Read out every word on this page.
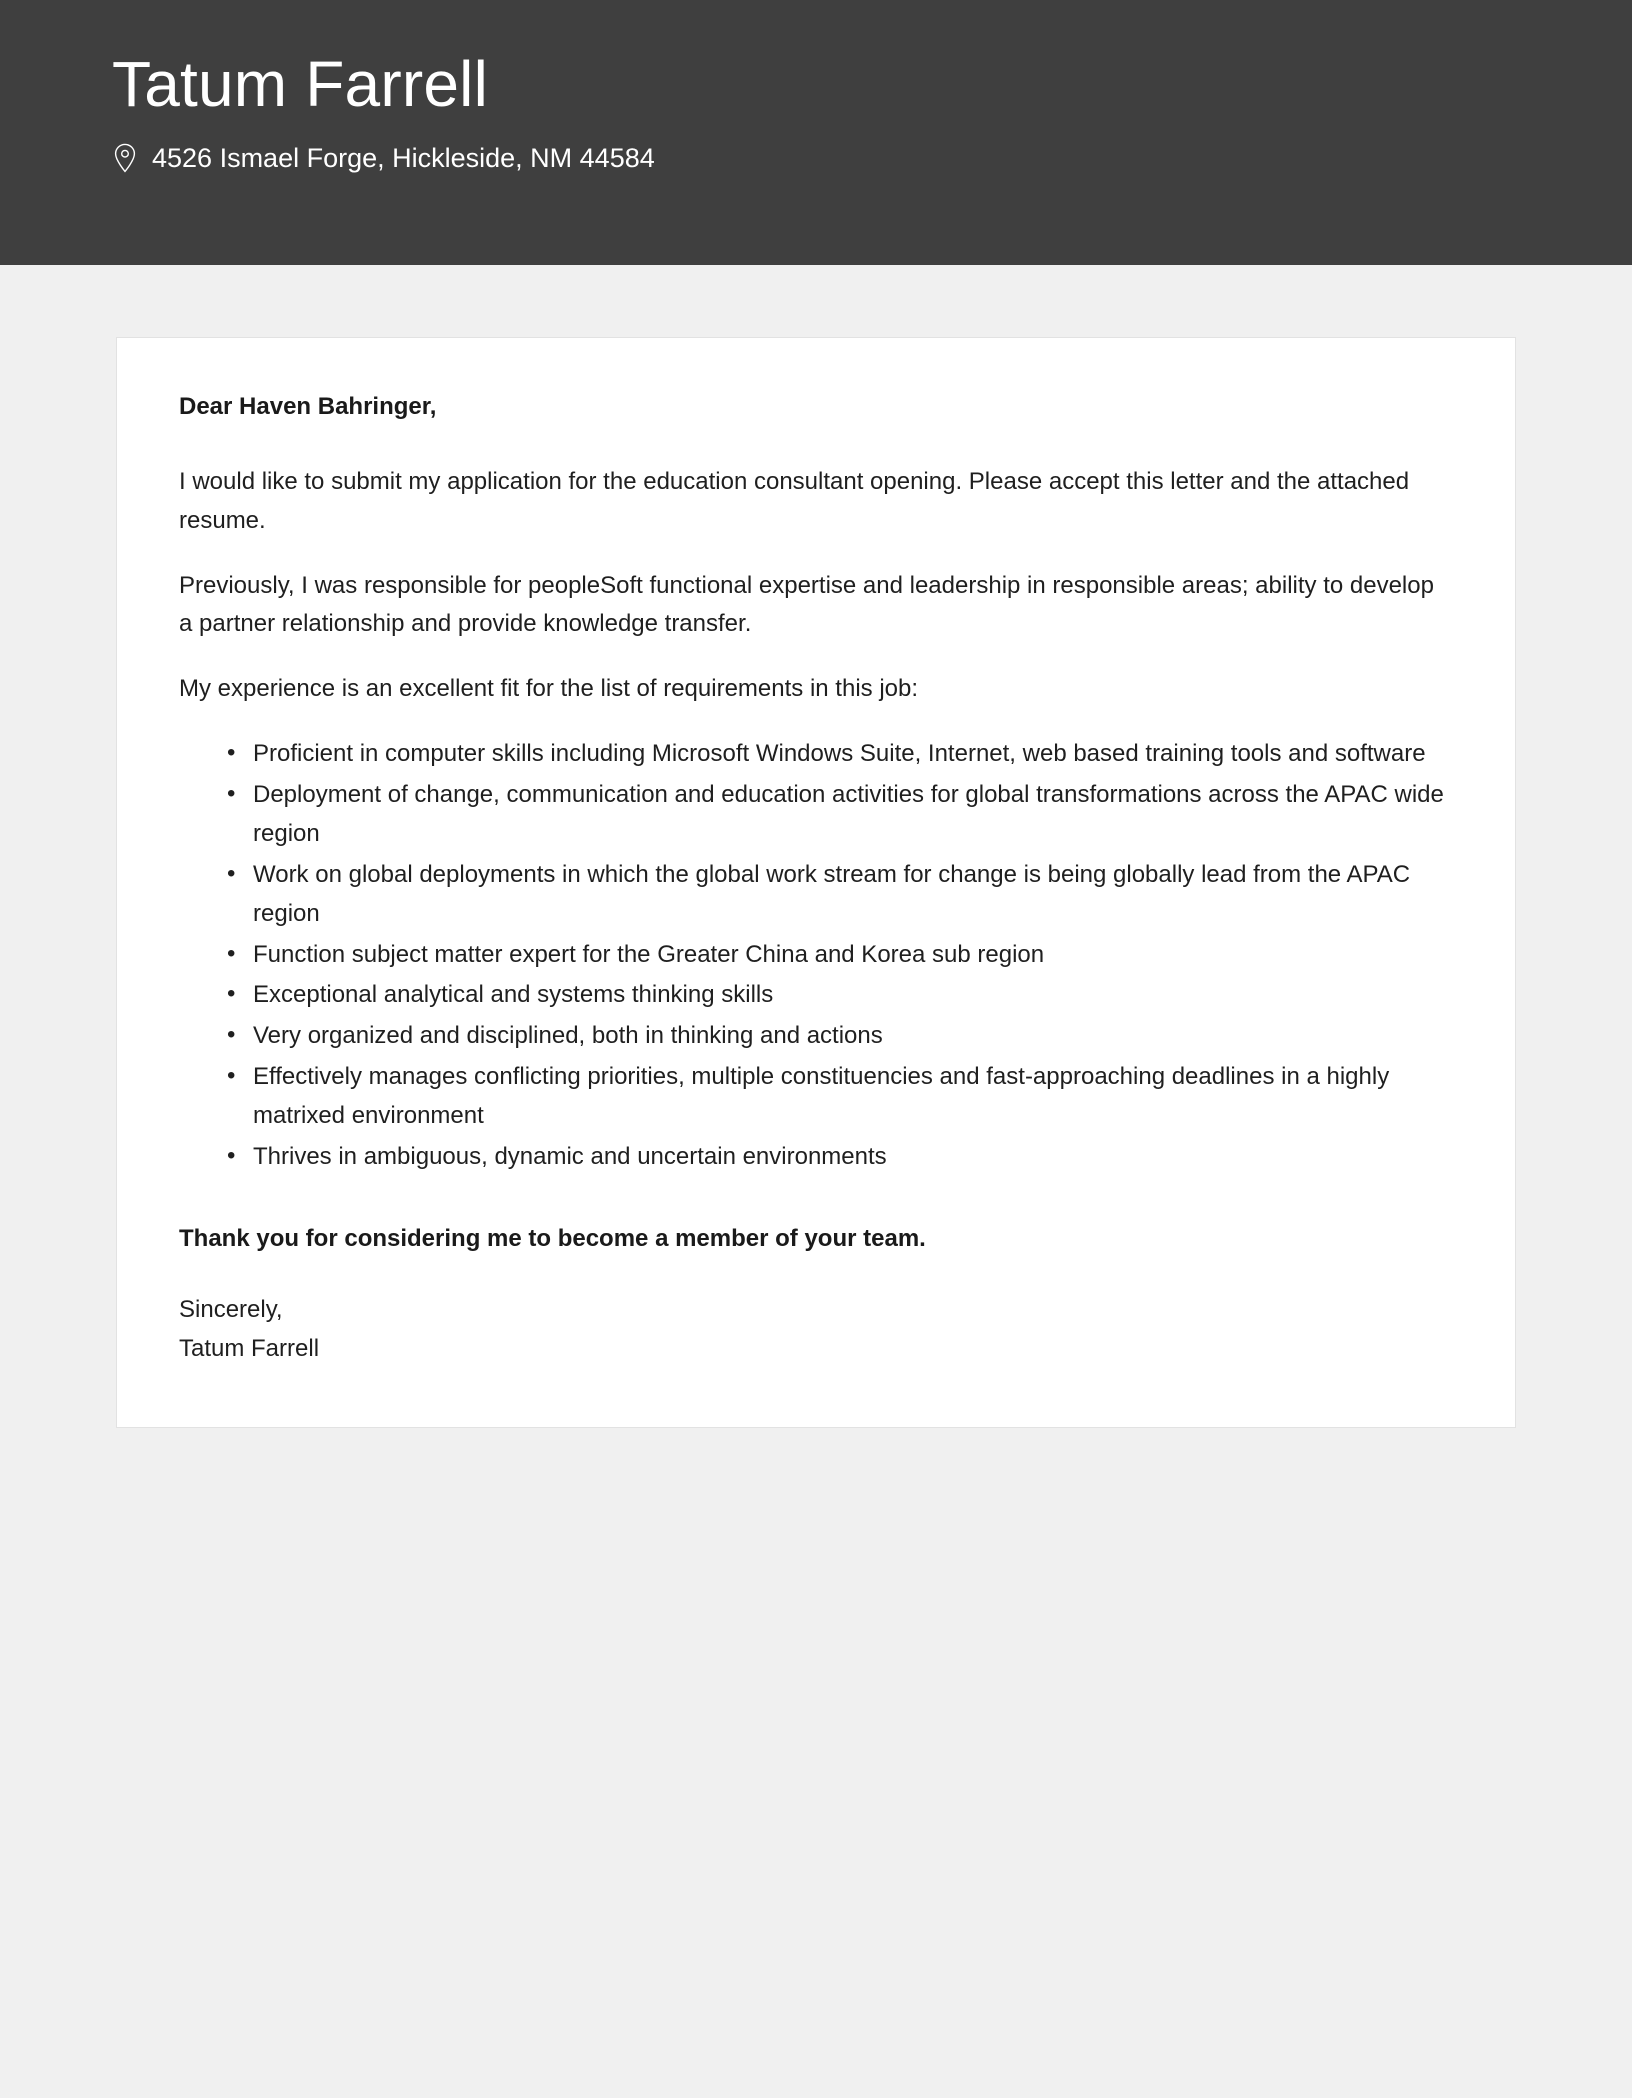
Tatum Farrell
4526 Ismael Forge, Hickleside, NM 44584

Dear Haven Bahringer,

I would like to submit my application for the education consultant opening. Please accept this letter and the attached resume.

Previously, I was responsible for peopleSoft functional expertise and leadership in responsible areas; ability to develop a partner relationship and provide knowledge transfer.

My experience is an excellent fit for the list of requirements in this job:

• Proficient in computer skills including Microsoft Windows Suite, Internet, web based training tools and software
• Deployment of change, communication and education activities for global transformations across the APAC wide region
• Work on global deployments in which the global work stream for change is being globally lead from the APAC region
• Function subject matter expert for the Greater China and Korea sub region
• Exceptional analytical and systems thinking skills
• Very organized and disciplined, both in thinking and actions
• Effectively manages conflicting priorities, multiple constituencies and fast-approaching deadlines in a highly matrixed environment
• Thrives in ambiguous, dynamic and uncertain environments

Thank you for considering me to become a member of your team.

Sincerely,
Tatum Farrell
